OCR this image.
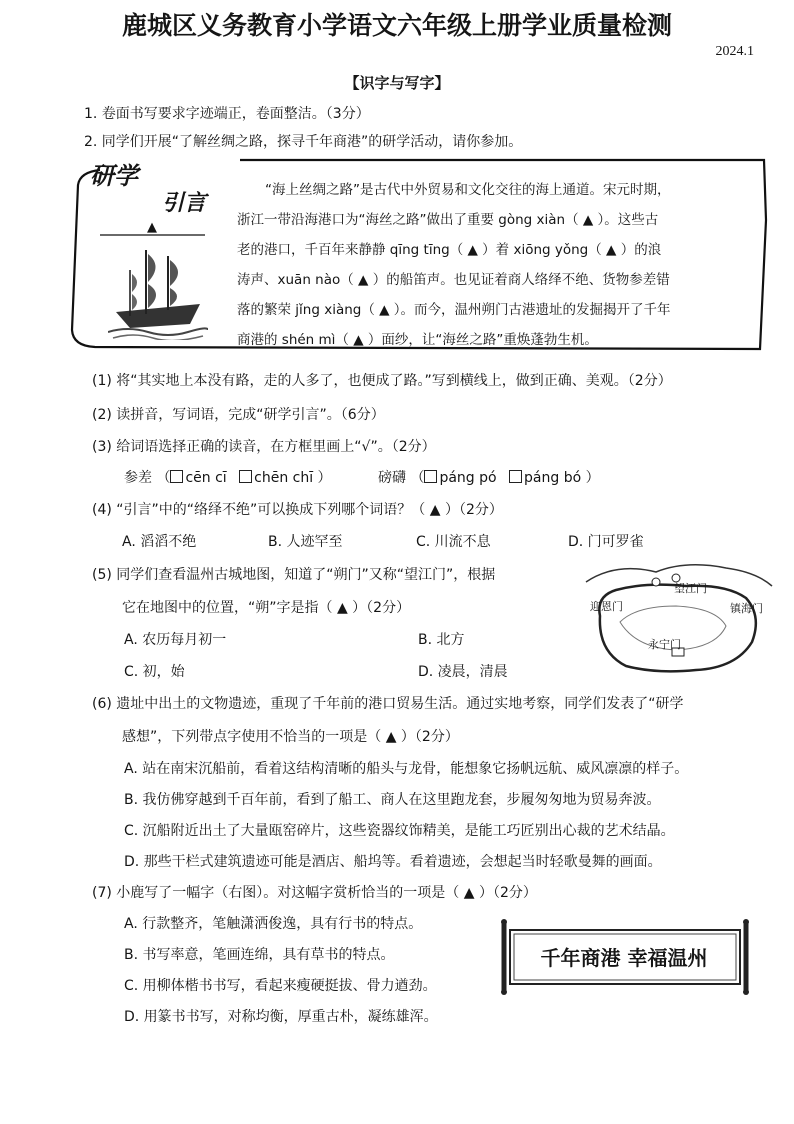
鹿城区义务教育小学语文六年级上册学业质量检测
2024.1
【识字与写字】
1. 卷面书写要求字迹端正，卷面整洁。（3分）
2. 同学们开展“了解丝绸之路，探寻千年商港”的研学活动，请你参加。
研学
引言
▲
“海上丝绸之路”是古代中外贸易和文化交往的海上通道。宋元时期，
浙江一带沿海港口为“海丝之路”做出了重要 gòng xiàn（ ▲ ）。这些古
老的港口，千百年来静静 qīng tīng（ ▲ ）着 xiōng yǒng（ ▲ ）的浪
涛声、xuān nào（ ▲ ）的船笛声。也见证着商人络绎不绝、货物参差错
落的繁荣 jǐng xiàng（ ▲ ）。而今，温州朔门古港遗址的发掘揭开了千年
商港的 shén mì（ ▲ ）面纱，让“海丝之路”重焕蓬勃生机。
(1) 将“其实地上本没有路，走的人多了，也便成了路。”写到横线上，做到正确、美观。（2分）
(2) 读拼音，写词语，完成“研学引言”。（6分）
(3) 给词语选择正确的读音，在方框里画上“√”。（2分）
参差 （ cēn cī chēn chī ）	磅礴 （ páng pó páng bó ）
(4) “引言”中的“络绎不绝”可以换成下列哪个词语？（ ▲ ）（2分）
A. 滔滔不绝	B. 人迹罕至	C. 川流不息	D. 门可罗雀
(5) 同学们查看温州古城地图，知道了“朔门”又称“望江门”，根据
它在地图中的位置，“朔”字是指（ ▲ ）（2分）
A. 农历每月初一	B. 北方
C. 初，始	D. 凌晨，清晨
望江门
迎恩门	镇海门
永宁门
(6) 遗址中出土的文物遗迹，重现了千年前的港口贸易生活。通过实地考察，同学们发表了“研学
感想”，下列带点字使用不恰当的一项是（ ▲ ）（2分）
A. 站在南宋沉船前，看着这结构清晰的船头与龙骨，能想象它扬帆远航、威风凛凛的样子。
B. 我仿佛穿越到千百年前，看到了船工、商人在这里跑龙套，步履匆匆地为贸易奔波。
C. 沉船附近出土了大量瓯窑碎片，这些瓷器纹饰精美，是能工巧匠别出心裁的艺术结晶。
D. 那些干栏式建筑遗迹可能是酒店、船坞等。看着遗迹，会想起当时轻歌曼舞的画面。
(7) 小鹿写了一幅字（右图）。对这幅字赏析恰当的一项是（ ▲ ）（2分）
A. 行款整齐，笔触潇洒俊逸，具有行书的特点。
B. 书写率意，笔画连绵，具有草书的特点。
C. 用柳体楷书书写，看起来瘦硬挺拔、骨力遒劲。
D. 用篆书书写，对称均衡，厚重古朴，凝练雄浑。
千年商港 幸福温州
